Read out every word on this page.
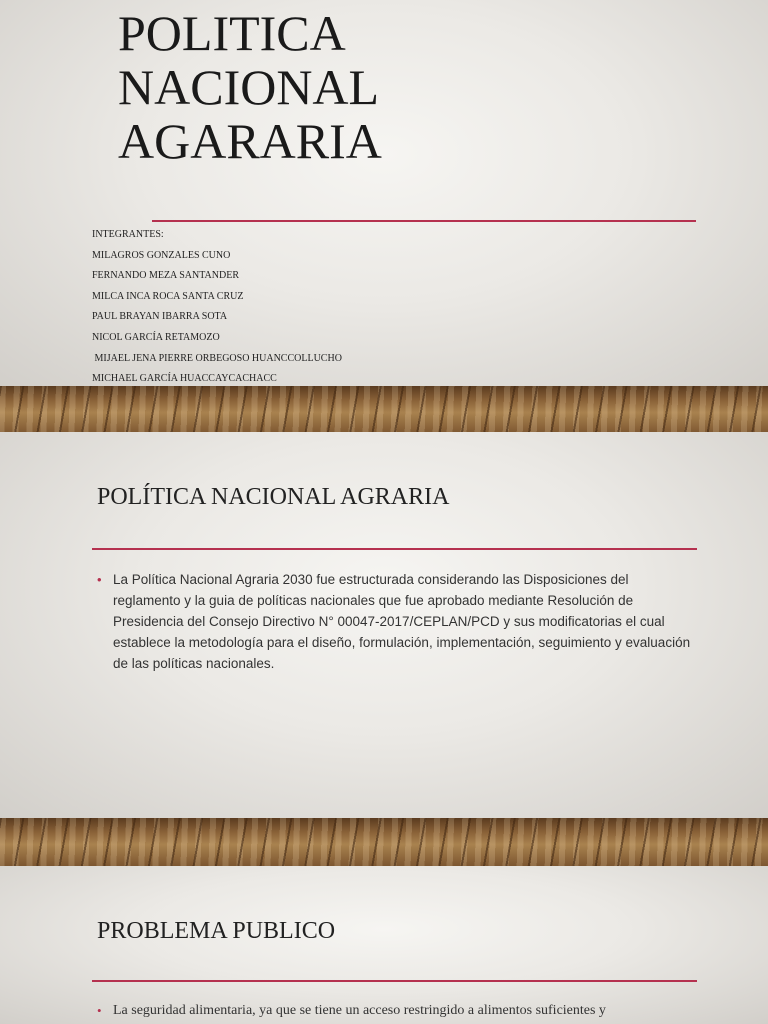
POLITICA
NACIONAL
AGARARIA
INTEGRANTES:
MILAGROS GONZALES CUNO
FERNANDO MEZA SANTANDER
MILCA INCA ROCA SANTA CRUZ
PAUL BRAYAN IBARRA SOTA
NICOL GARCÍA RETAMOZO
MIJAEL JENA PIERRE ORBEGOSO HUANCCOLLUCHO
MICHAEL GARCÍA HUACCAYCACHACC
POLÍTICA NACIONAL AGRARIA
• La Política Nacional Agraria 2030 fue estructurada considerando las Disposiciones del reglamento y la guia de políticas nacionales que fue aprobado mediante Resolución de Presidencia del Consejo Directivo N° 00047-2017/CEPLAN/PCD y sus modificatorias el cual establece la metodología para el diseño, formulación, implementación, seguimiento y evaluación de las políticas nacionales.
PROBLEMA PUBLICO
• La seguridad alimentaria, ya que se tiene un acceso restringido a alimentos suficientes y
